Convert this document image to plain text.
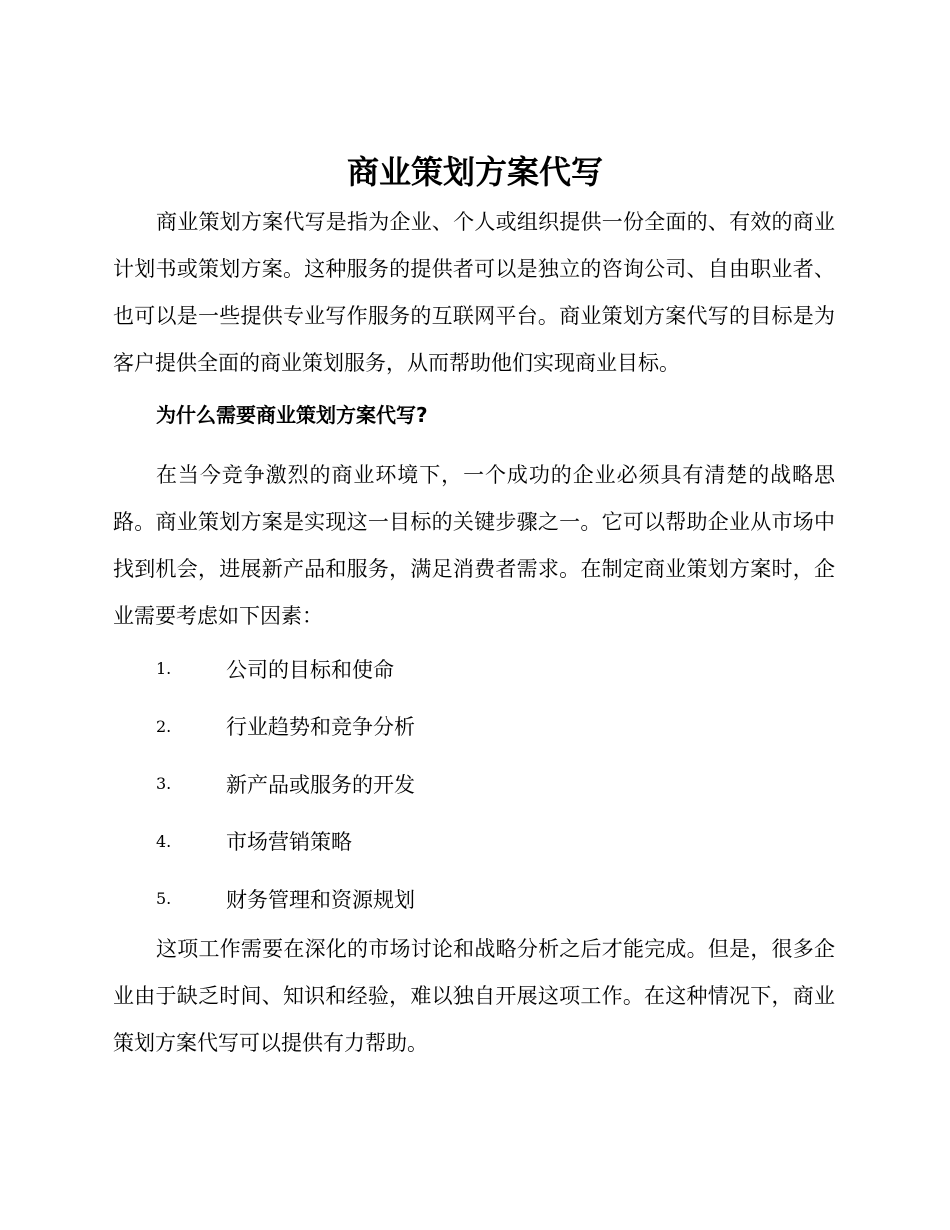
商业策划方案代写

商业策划方案代写是指为企业、个人或组织提供一份全面的、有效的商业计划书或策划方案。这种服务的提供者可以是独立的咨询公司、自由职业者、也可以是一些提供专业写作服务的互联网平台。商业策划方案代写的目标是为客户提供全面的商业策划服务，从而帮助他们实现商业目标。

为什么需要商业策划方案代写?

在当今竞争激烈的商业环境下，一个成功的企业必须具有清楚的战略思路。商业策划方案是实现这一目标的关键步骤之一。它可以帮助企业从市场中找到机会，进展新产品和服务，满足消费者需求。在制定商业策划方案时，企业需要考虑如下因素：

1.	公司的目标和使命
2.	行业趋势和竞争分析
3.	新产品或服务的开发
4.	市场营销策略
5.	财务管理和资源规划

这项工作需要在深化的市场讨论和战略分析之后才能完成。但是，很多企业由于缺乏时间、知识和经验，难以独自开展这项工作。在这种情况下，商业策划方案代写可以提供有力帮助。
